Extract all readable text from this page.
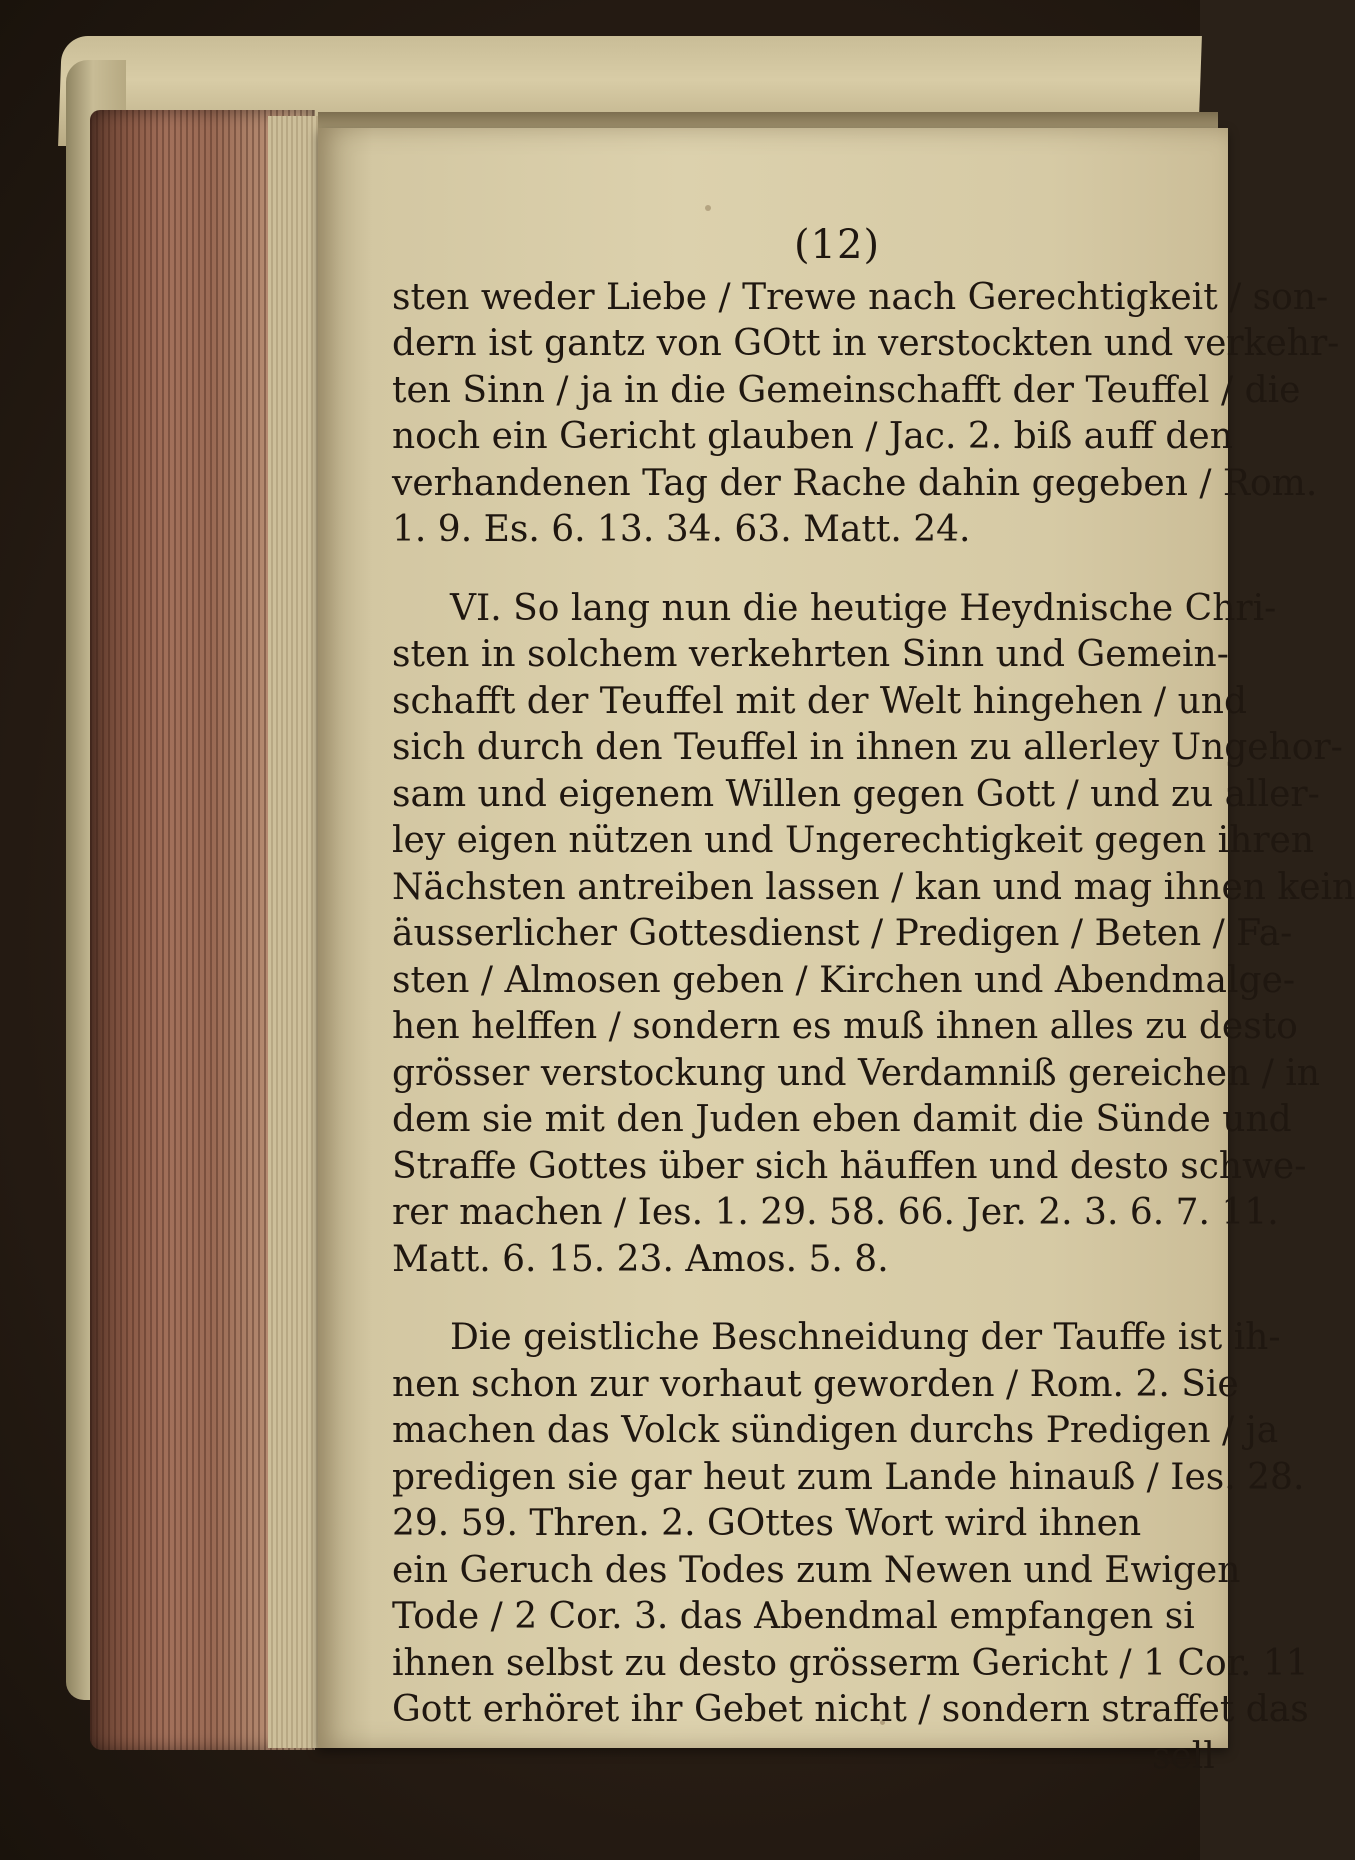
(12)
sten weder Liebe / Trewe nach Gerechtigkeit / son-
dern ist gantz von GOtt in verstockten und verkehr-
ten Sinn / ja in die Gemeinschafft der Teuffel / die
noch ein Gericht glauben / Jac. 2. biß auff den
verhandenen Tag der Rache dahin gegeben / Rom.
1. 9. Es. 6. 13. 34. 63. Matt. 24.
VI. So lang nun die heutige Heydnische Chri-
sten in solchem verkehrten Sinn und Gemein-
schafft der Teuffel mit der Welt hingehen / und
sich durch den Teuffel in ihnen zu allerley Ungehor-
sam und eigenem Willen gegen Gott / und zu aller-
ley eigen nützen und Ungerechtigkeit gegen ihren
Nächsten antreiben lassen / kan und mag ihnen kein
äusserlicher Gottesdienst / Predigen / Beten / Fa-
sten / Almosen geben / Kirchen und Abendmalge-
hen helffen / sondern es muß ihnen alles zu desto
grösser verstockung und Verdamniß gereichen / in
dem sie mit den Juden eben damit die Sünde und
Straffe Gottes über sich häuffen und desto schwe-
rer machen / Ies. 1. 29. 58. 66. Jer. 2. 3. 6. 7. 11.
Matt. 6. 15. 23. Amos. 5. 8.
Die geistliche Beschneidung der Tauffe ist ih-
nen schon zur vorhaut geworden / Rom. 2. Sie
machen das Volck sündigen durchs Predigen / ja
predigen sie gar heut zum Lande hinauß / Ies. 28.
29. 59. Thren. 2. GOttes Wort wird ihnen
ein Geruch des Todes zum Newen und Ewigen
Tode / 2 Cor. 3. das Abendmal empfangen si
ihnen selbst zu desto grösserm Gericht / 1 Cor. 11
Gott erhöret ihr Gebet nicht / sondern straffet das
sell
